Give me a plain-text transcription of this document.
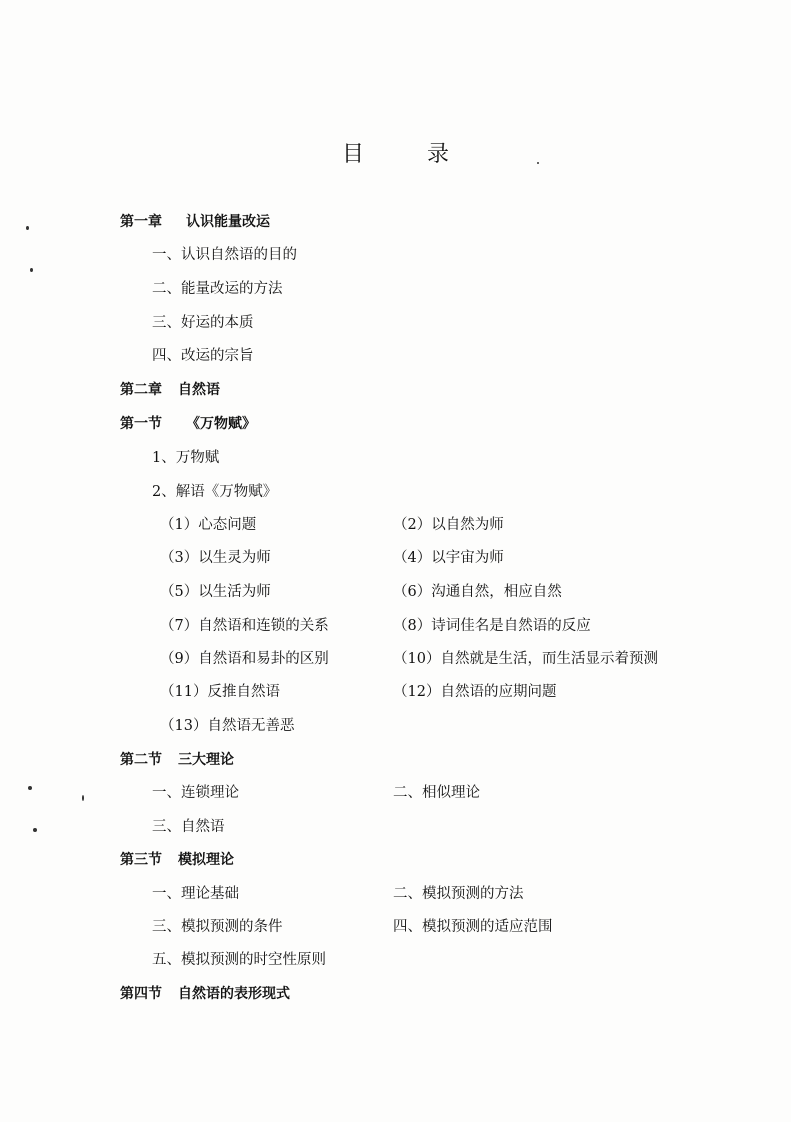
目 录
第一章 认识能量改运
一、认识自然语的目的
二、能量改运的方法
三、好运的本质
四、改运的宗旨
第二章 自然语
第一节 《万物赋》
1、万物赋
2、解语《万物赋》
（1）心态问题	（2）以自然为师
（3）以生灵为师	（4）以宇宙为师
（5）以生活为师	（6）沟通自然，相应自然
（7）自然语和连锁的关系	（8）诗词佳名是自然语的反应
（9）自然语和易卦的区别	（10）自然就是生活，而生活显示着预测
（11）反推自然语	（12）自然语的应期问题
（13）自然语无善恶
第二节 三大理论
一、连锁理论	二、相似理论
三、自然语
第三节 模拟理论
一、理论基础	二、模拟预测的方法
三、模拟预测的条件	四、模拟预测的适应范围
五、模拟预测的时空性原则
第四节 自然语的表形现式
